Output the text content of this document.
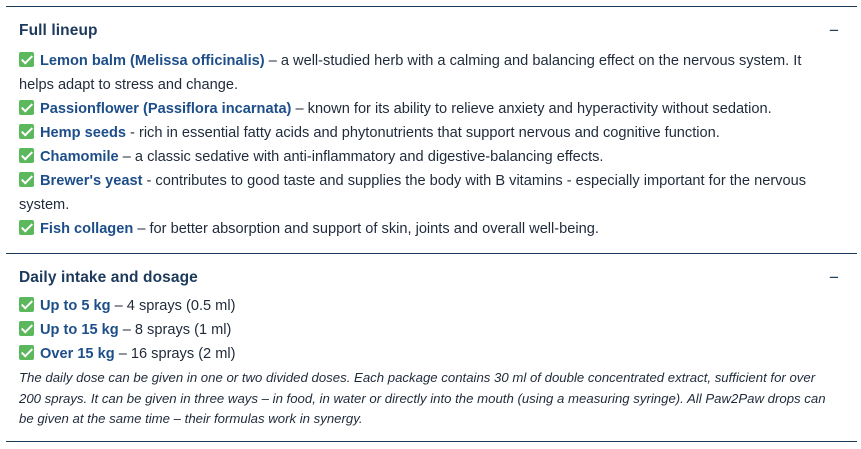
Full lineup	−
Lemon balm (Melissa officinalis) – a well-studied herb with a calming and balancing effect on the nervous system. It helps adapt to stress and change.
Passionflower (Passiflora incarnata) – known for its ability to relieve anxiety and hyperactivity without sedation.
Hemp seeds - rich in essential fatty acids and phytonutrients that support nervous and cognitive function.
Chamomile – a classic sedative with anti-inflammatory and digestive-balancing effects.
Brewer's yeast - contributes to good taste and supplies the body with B vitamins - especially important for the nervous system.
Fish collagen – for better absorption and support of skin, joints and overall well-being.
Daily intake and dosage	−
Up to 5 kg – 4 sprays (0.5 ml)
Up to 15 kg – 8 sprays (1 ml)
Over 15 kg – 16 sprays (2 ml)
The daily dose can be given in one or two divided doses. Each package contains 30 ml of double concentrated extract, sufficient for over 200 sprays. It can be given in three ways – in food, in water or directly into the mouth (using a measuring syringe). All Paw2Paw drops can be given at the same time – their formulas work in synergy.
